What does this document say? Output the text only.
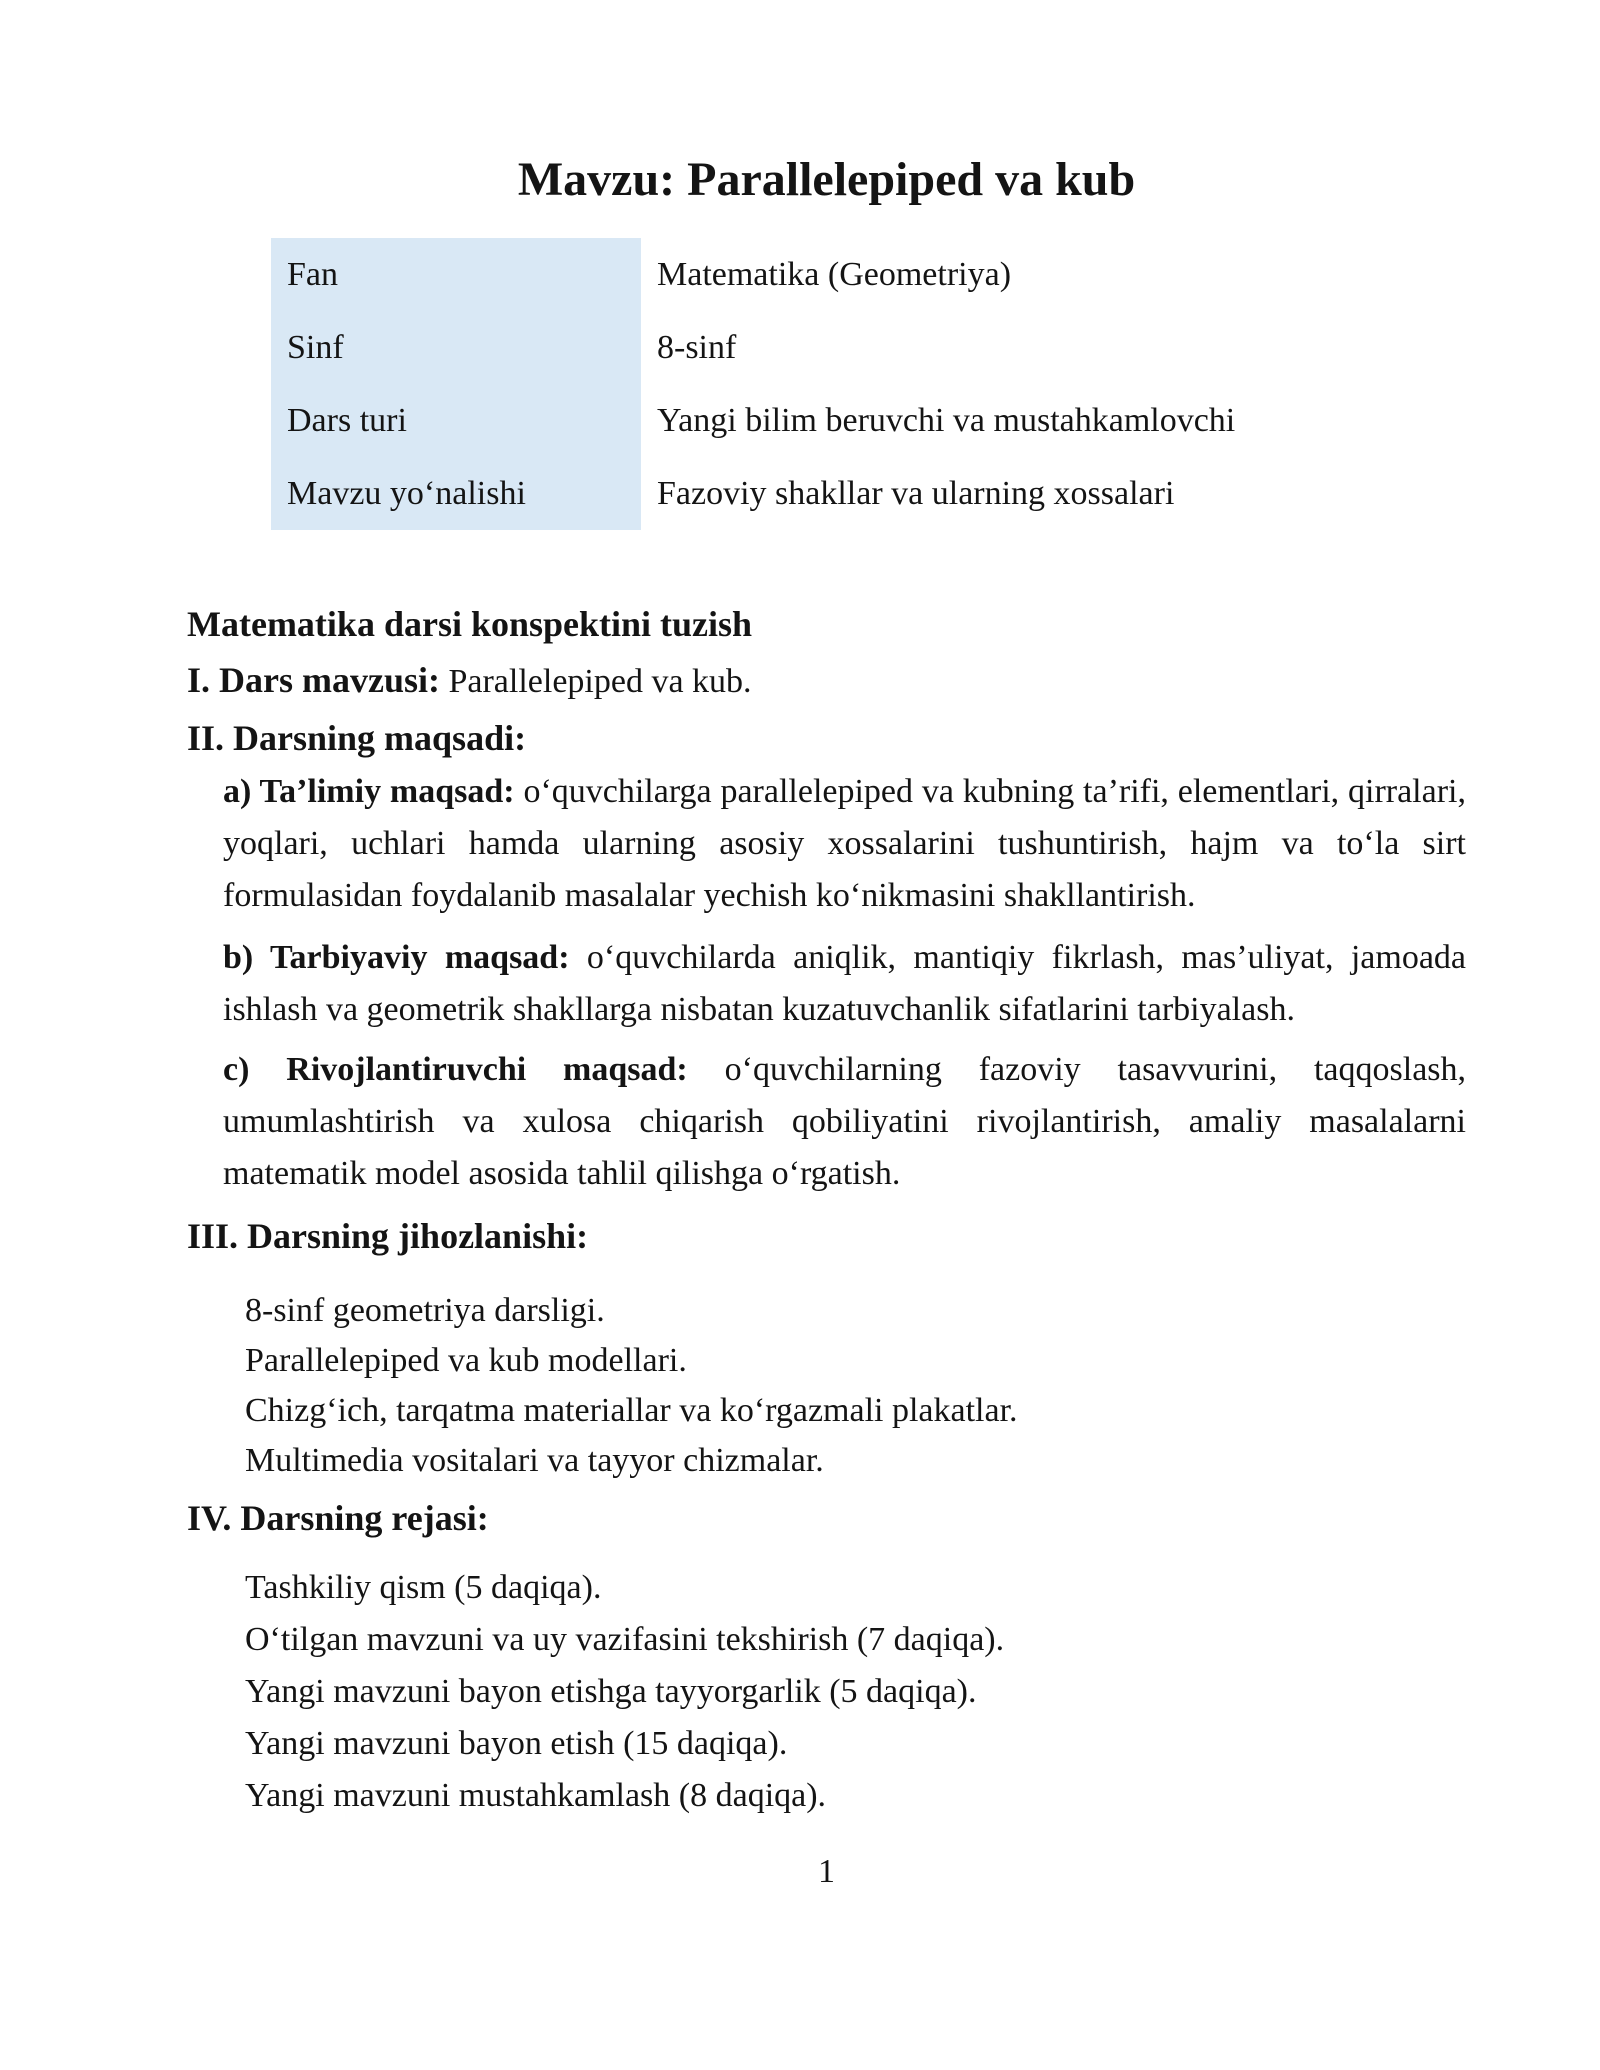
Mavzu: Parallelepiped va kub
Fan	Matematika (Geometriya)
Sinf	8-sinf
Dars turi	Yangi bilim beruvchi va mustahkamlovchi
Mavzu yo‘nalishi	Fazoviy shakllar va ularning xossalari
Matematika darsi konspektini tuzish
I. Dars mavzusi: Parallelepiped va kub.
II. Darsning maqsadi:
a) Ta’limiy maqsad: o‘quvchilarga parallelepiped va kubning ta’rifi, elementlari, qirralari, yoqlari, uchlari hamda ularning asosiy xossalarini tushuntirish, hajm va to‘la sirt formulasidan foydalanib masalalar yechish ko‘nikmasini shakllantirish.
b) Tarbiyaviy maqsad: o‘quvchilarda aniqlik, mantiqiy fikrlash, mas’uliyat, jamoada ishlash va geometrik shakllarga nisbatan kuzatuvchanlik sifatlarini tarbiyalash.
c) Rivojlantiruvchi maqsad: o‘quvchilarning fazoviy tasavvurini, taqqoslash, umumlashtirish va xulosa chiqarish qobiliyatini rivojlantirish, amaliy masalalarni matematik model asosida tahlil qilishga o‘rgatish.
III. Darsning jihozlanishi:
8-sinf geometriya darsligi.
Parallelepiped va kub modellari.
Chizg‘ich, tarqatma materiallar va ko‘rgazmali plakatlar.
Multimedia vositalari va tayyor chizmalar.
IV. Darsning rejasi:
Tashkiliy qism (5 daqiqa).
O‘tilgan mavzuni va uy vazifasini tekshirish (7 daqiqa).
Yangi mavzuni bayon etishga tayyorgarlik (5 daqiqa).
Yangi mavzuni bayon etish (15 daqiqa).
Yangi mavzuni mustahkamlash (8 daqiqa).
1
